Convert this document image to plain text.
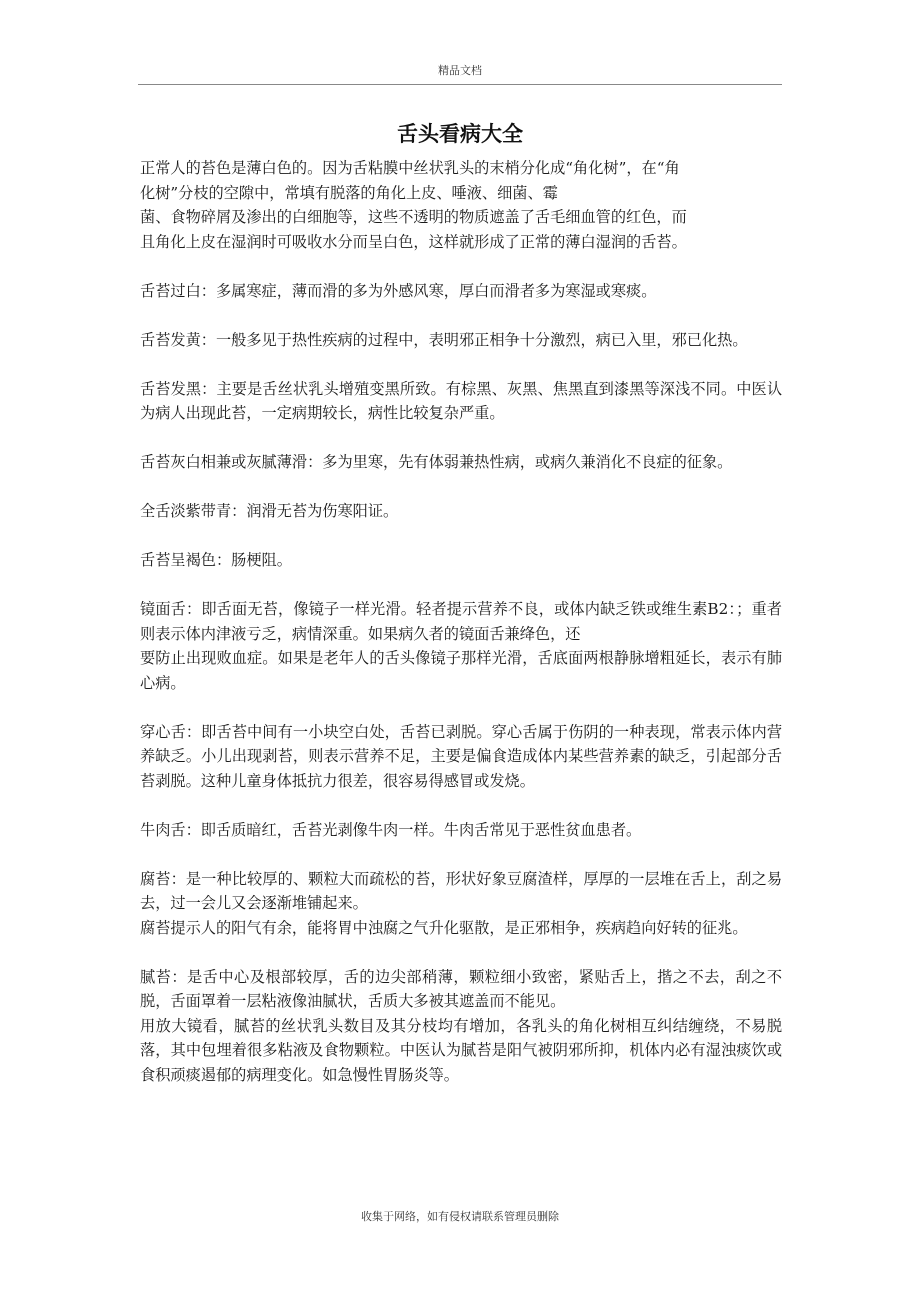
精品文档
舌头看病大全

正常人的苔色是薄白色的。因为舌粘膜中丝状乳头的末梢分化成“角化树”，在“角
化树”分枝的空隙中，常填有脱落的角化上皮、唾液、细菌、霉
菌、食物碎屑及渗出的白细胞等，这些不透明的物质遮盖了舌毛细血管的红色，而
且角化上皮在湿润时可吸收水分而呈白色，这样就形成了正常的薄白湿润的舌苔。

舌苔过白：多属寒症，薄而滑的多为外感风寒，厚白而滑者多为寒湿或寒痰。

舌苔发黄：一般多见于热性疾病的过程中，表明邪正相争十分激烈，病已入里，邪已化热。

舌苔发黑：主要是舌丝状乳头增殖变黑所致。有棕黑、灰黑、焦黑直到漆黑等深浅不同。中医认为病人出现此苔，一定病期较长，病性比较复杂严重。

舌苔灰白相兼或灰腻薄滑：多为里寒，先有体弱兼热性病，或病久兼消化不良症的征象。

全舌淡紫带青：润滑无苔为伤寒阳证。

舌苔呈褐色：肠梗阻。

镜面舌：即舌面无苔，像镜子一样光滑。轻者提示营养不良，或体内缺乏铁或维生素B2：；重者则表示体内津液亏乏，病情深重。如果病久者的镜面舌兼绛色，还

要防止出现败血症。如果是老年人的舌头像镜子那样光滑，舌底面两根静脉增粗延长，表示有肺心病。

穿心舌：即舌苔中间有一小块空白处，舌苔已剥脱。穿心舌属于伤阴的一种表现，常表示体内营养缺乏。小儿出现剥苔，则表示营养不足，主要是偏食造成体内某些营养素的缺乏，引起部分舌苔剥脱。这种儿童身体抵抗力很差，很容易得感冒或发烧。

牛肉舌：即舌质暗红，舌苔光剥像牛肉一样。牛肉舌常见于恶性贫血患者。

腐苔：是一种比较厚的、颗粒大而疏松的苔，形状好象豆腐渣样，厚厚的一层堆在舌上，刮之易去，过一会儿又会逐渐堆铺起来。

腐苔提示人的阳气有余，能将胃中浊腐之气升化驱散，是正邪相争，疾病趋向好转的征兆。

腻苔：是舌中心及根部较厚，舌的边尖部稍薄，颗粒细小致密，紧贴舌上，揩之不去，刮之不脱，舌面罩着一层粘液像油腻状，舌质大多被其遮盖而不能见。

用放大镜看，腻苔的丝状乳头数目及其分枝均有增加，各乳头的角化树相互纠结缠绕，不易脱落，其中包埋着很多粘液及食物颗粒。中医认为腻苔是阳气被阴邪所抑，机体内必有湿浊痰饮或食积顽痰遏郁的病理变化。如急慢性胃肠炎等。

收集于网络，如有侵权请联系管理员删除
